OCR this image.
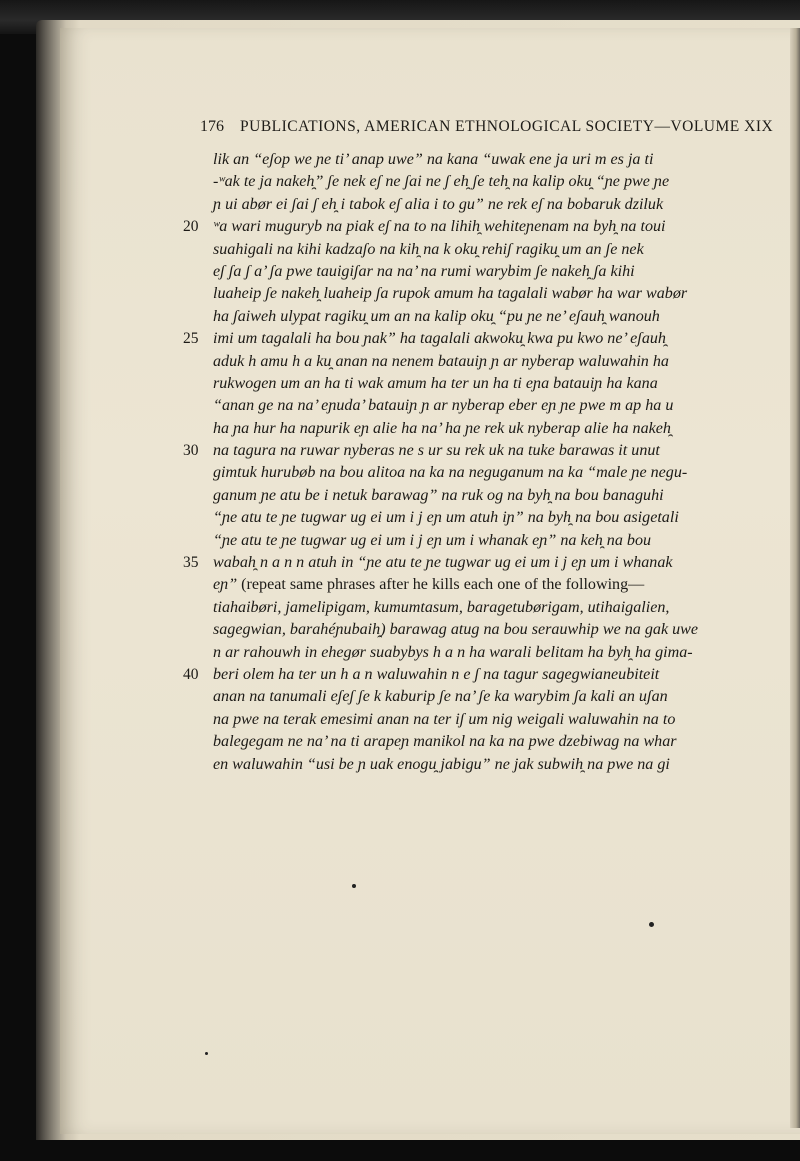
176 PUBLICATIONS, AMERICAN ETHNOLOGICAL SOCIETY—VOLUME XIX
lik an “eʃop we ɲe ti’ anap uwe” na kana “uwak ene ja uri m es ja ti
-ʷak te ja nakeh̯” ʃe nek eʃ ne ʃai ne ʃ eh̯ ʃe teh̯ na kalip oku̯ “ɲe pwe ɲe
ɲ ui abør ei ʃai ʃ eh̯ i tabok eʃ alia i to gu” ne rek eʃ na bobaruk dziluk
20 ʷa wari muguryb na piak eʃ na to na lihih̯ wehiteɲenam na byh̯ na toui
suahigali na kihi kadzaʃo na kih̯ na k oku̯ rehiʃ ragiku̯ um an ʃe nek
eʃ ʃa ʃ a’ ʃa pwe tauigiʃar na na’ na rumi warybim ʃe nakeh̯ ʃa kihi
luaheip ʃe nakeh̯ luaheip ʃa rupok amum ha tagalali wabør ha war wabør
ha ʃaiweh ulypat ragiku̯ um an na kalip oku̯ “pu ɲe ne’ eʃauh̯ wanouh
25 imi um tagalali ha bou ɲak” ha tagalali akwoku̯ kwa pu kwo ne’ eʃauh̯
aduk h amu h a ku̯ anan na nenem batauiɲ ɲ ar nyberap waluwahin ha
rukwogen um an ha ti wak amum ha ter un ha ti eɲa batauiɲ ha kana
“anan ge na na’ eɲuda’ batauiɲ ɲ ar nyberap eber eɲ ɲe pwe m ap ha u
ha ɲa hur ha napurik eɲ alie ha na’ ha ɲe rek uk nyberap alie ha nakeh̯
30 na tagura na ruwar nyberas ne s ur su rek uk na tuke barawas it unut
gimtuk hurubøb na bou alitoa na ka na neguganum na ka “male ɲe negu-
ganum ɲe atu be i netuk barawag” na ruk og na byh̯ na bou banaguhi
“ɲe atu te ɲe tugwar ug ei um i j eɲ um atuh iɲ” na byh̯ na bou asigetali
“ɲe atu te ɲe tugwar ug ei um i j eɲ um i whanak eɲ” na keh̯ na bou
35 wabah̯ n a n n atuh in “ɲe atu te ɲe tugwar ug ei um i j eɲ um i whanak
eɲ” (repeat same phrases after he kills each one of the following—
tiahaibøri, jamelipigam, kumumtasum, baragetubørigam, utihaigalien,
sagegwian, barahéɲubaih̯) barawag atug na bou serauwhip we na gak uwe
n ar rahouwh in ehegør suabybys h a n ha warali belitam ha byh̯ ha gima-
40 beri olem ha ter un h a n waluwahin n e ʃ na tagur sagegwianeubiteit
anan na tanumali eʃeʃ ʃe k kaburip ʃe na’ ʃe ka warybim ʃa kali an uʃan
na pwe na terak emesimi anan na ter iʃ um nig weigali waluwahin na to
balegegam ne na’ na ti arapeɲ manikol na ka na pwe dzebiwag na whar
en waluwahin “usi be ɲ uak enogu̯ jabigu” ne jak subwih̯ na pwe na gi
